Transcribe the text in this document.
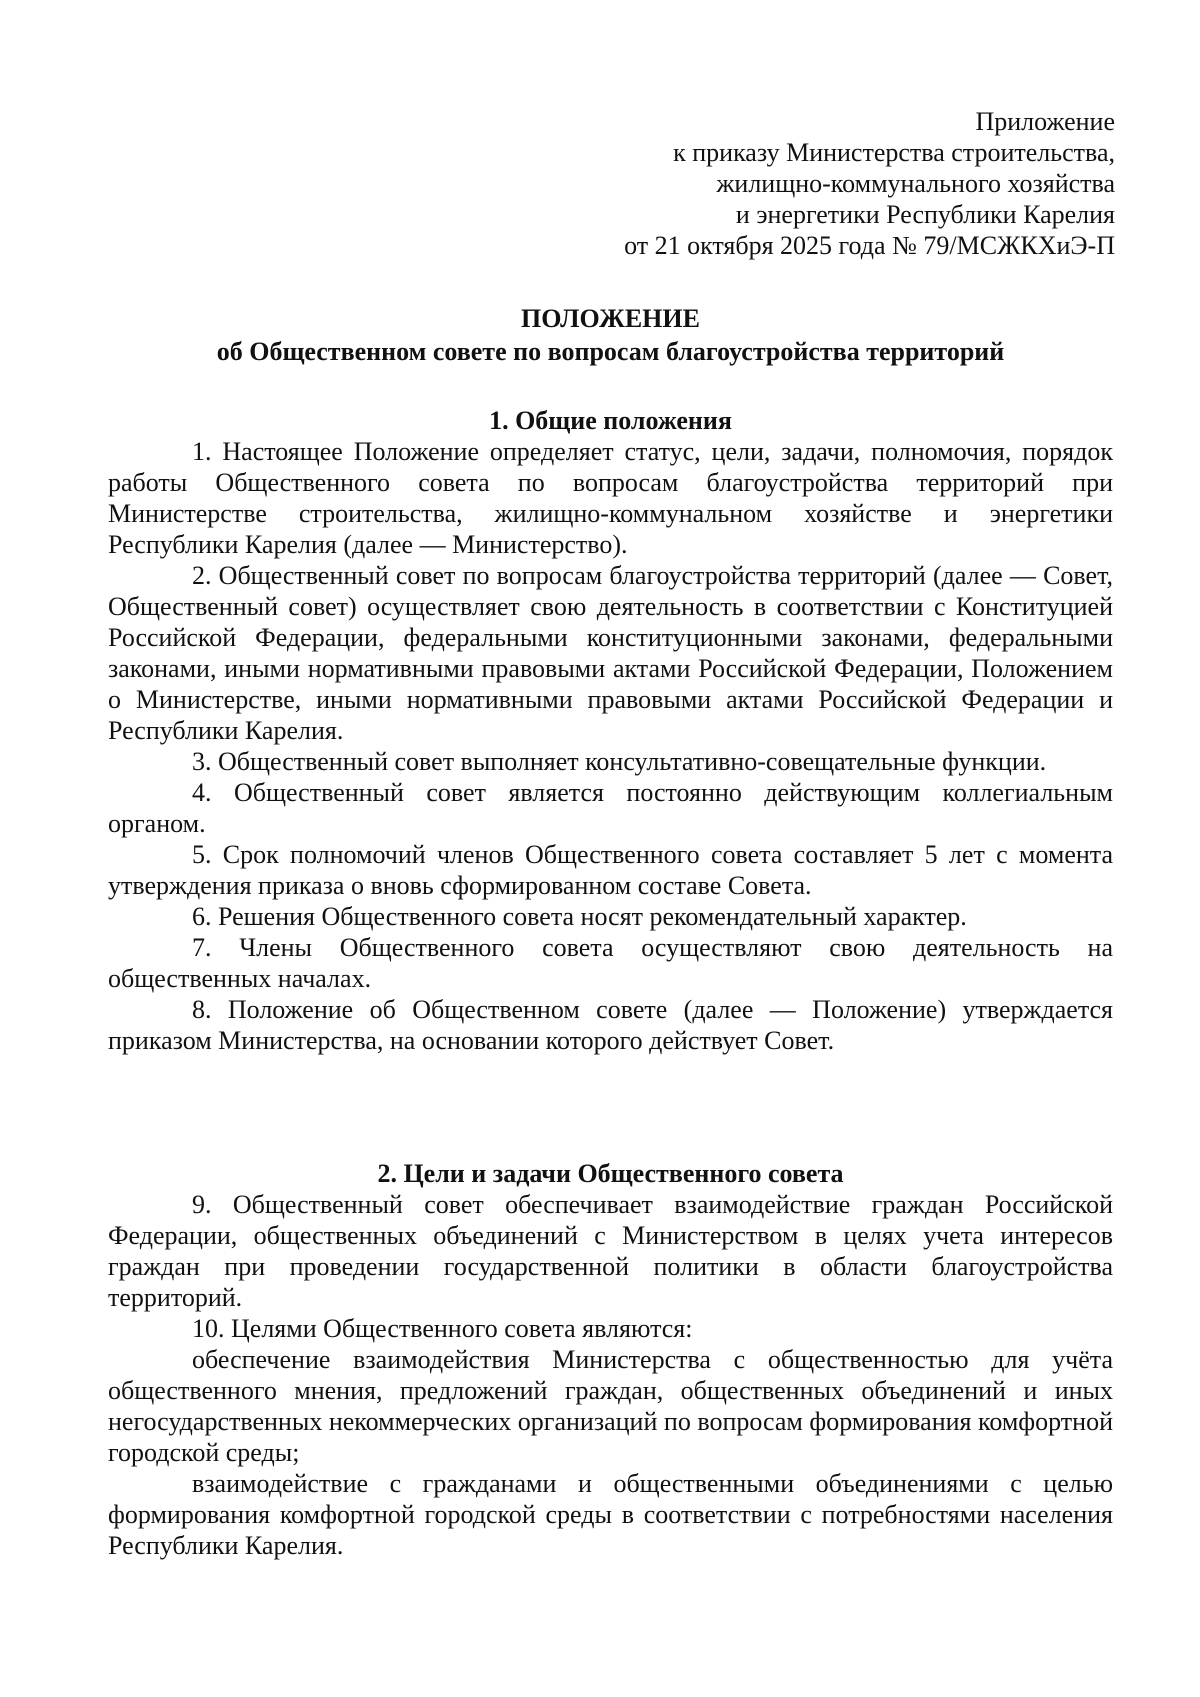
Приложение
к приказу Министерства строительства,
жилищно-коммунального хозяйства
и энергетики Республики Карелия
от 21 октября 2025 года № 79/МСЖКХиЭ-П
ПОЛОЖЕНИЕ
об Общественном совете по вопросам благоустройства территорий

1. Общие положения

1. Настоящее Положение определяет статус, цели, задачи, полномочия, порядок работы Общественного совета по вопросам благоустройства территорий при Министерстве строительства, жилищно-коммунальном хозяйстве и энергетики Республики Карелия (далее — Министерство).

2. Общественный совет по вопросам благоустройства территорий (далее — Совет, Общественный совет) осуществляет свою деятельность в соответствии с Конституцией Российской Федерации, федеральными конституционными законами, федеральными законами, иными нормативными правовыми актами Российской Федерации, Положением о Министерстве, иными нормативными правовыми актами Российской Федерации и Республики Карелия.

3. Общественный совет выполняет консультативно-совещательные функции.

4. Общественный совет является постоянно действующим коллегиальным органом.

5. Срок полномочий членов Общественного совета составляет 5 лет с момента утверждения приказа о вновь сформированном составе Совета.

6. Решения Общественного совета носят рекомендательный характер.

7. Члены Общественного совета осуществляют свою деятельность на общественных началах.

8. Положение об Общественном совете (далее — Положение) утверждается приказом Министерства, на основании которого действует Совет.

2. Цели и задачи Общественного совета

9. Общественный совет обеспечивает взаимодействие граждан Российской Федерации, общественных объединений с Министерством в целях учета интересов граждан при проведении государственной политики в области благоустройства территорий.

10. Целями Общественного совета являются:

обеспечение взаимодействия Министерства с общественностью для учёта общественного мнения, предложений граждан, общественных объединений и иных негосударственных некоммерческих организаций по вопросам формирования комфортной городской среды;

взаимодействие с гражданами и общественными объединениями с целью формирования комфортной городской среды в соответствии с потребностями населения Республики Карелия.
